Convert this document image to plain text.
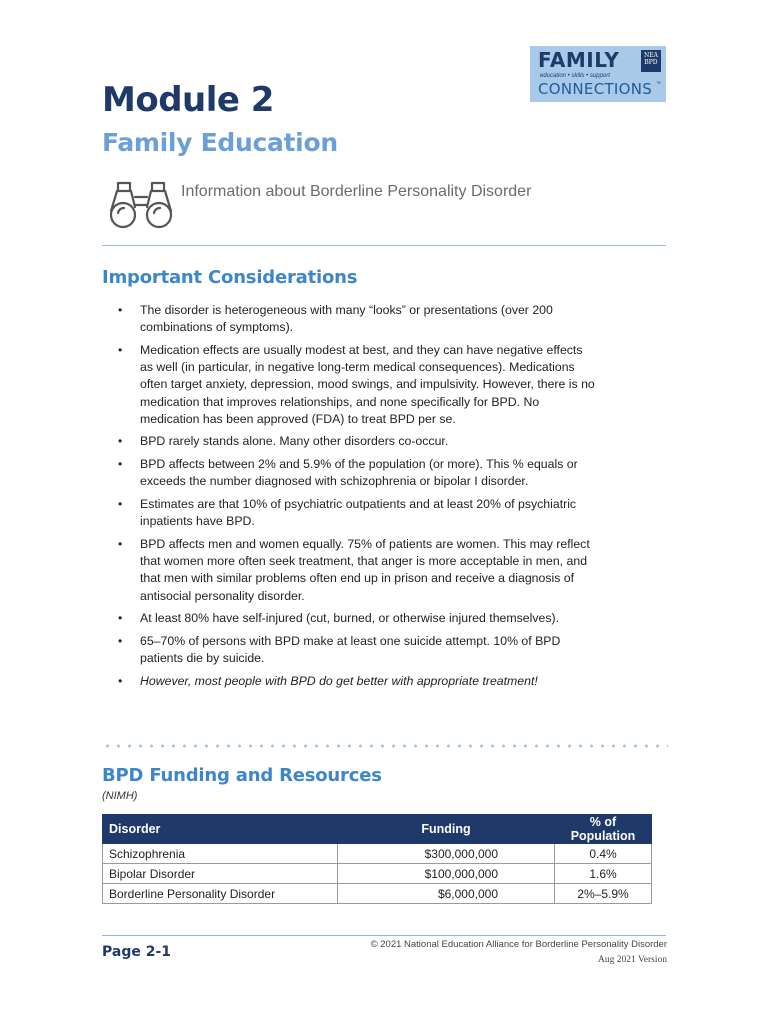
FAMILY	NEA BPD
education • skills • support
CONNECTIONS ™
Module 2
Family Education
Information about Borderline Personality Disorder
Important Considerations
• The disorder is heterogeneous with many “looks” or presentations (over 200 combinations of symptoms).
• Medication effects are usually modest at best, and they can have negative effects as well (in particular, in negative long-term medical consequences). Medications often target anxiety, depression, mood swings, and impulsivity. However, there is no medication that improves relationships, and none specifically for BPD. No medication has been approved (FDA) to treat BPD per se.
• BPD rarely stands alone. Many other disorders co-occur.
• BPD affects between 2% and 5.9% of the population (or more). This % equals or exceeds the number diagnosed with schizophrenia or bipolar I disorder.
• Estimates are that 10% of psychiatric outpatients and at least 20% of psychiatric inpatients have BPD.
• BPD affects men and women equally. 75% of patients are women. This may reflect that women more often seek treatment, that anger is more acceptable in men, and that men with similar problems often end up in prison and receive a diagnosis of antisocial personality disorder.
• At least 80% have self-injured (cut, burned, or otherwise injured themselves).
• 65–70% of persons with BPD make at least one suicide attempt. 10% of BPD patients die by suicide.
• However, most people with BPD do get better with appropriate treatment!
BPD Funding and Resources
(NIMH)
Disorder	Funding	% of Population
Schizophrenia	$300,000,000	0.4%
Bipolar Disorder	$100,000,000	1.6%
Borderline Personality Disorder	$6,000,000	2%–5.9%
Page 2-1	© 2021 National Education Alliance for Borderline Personality Disorder
Aug 2021 Version
